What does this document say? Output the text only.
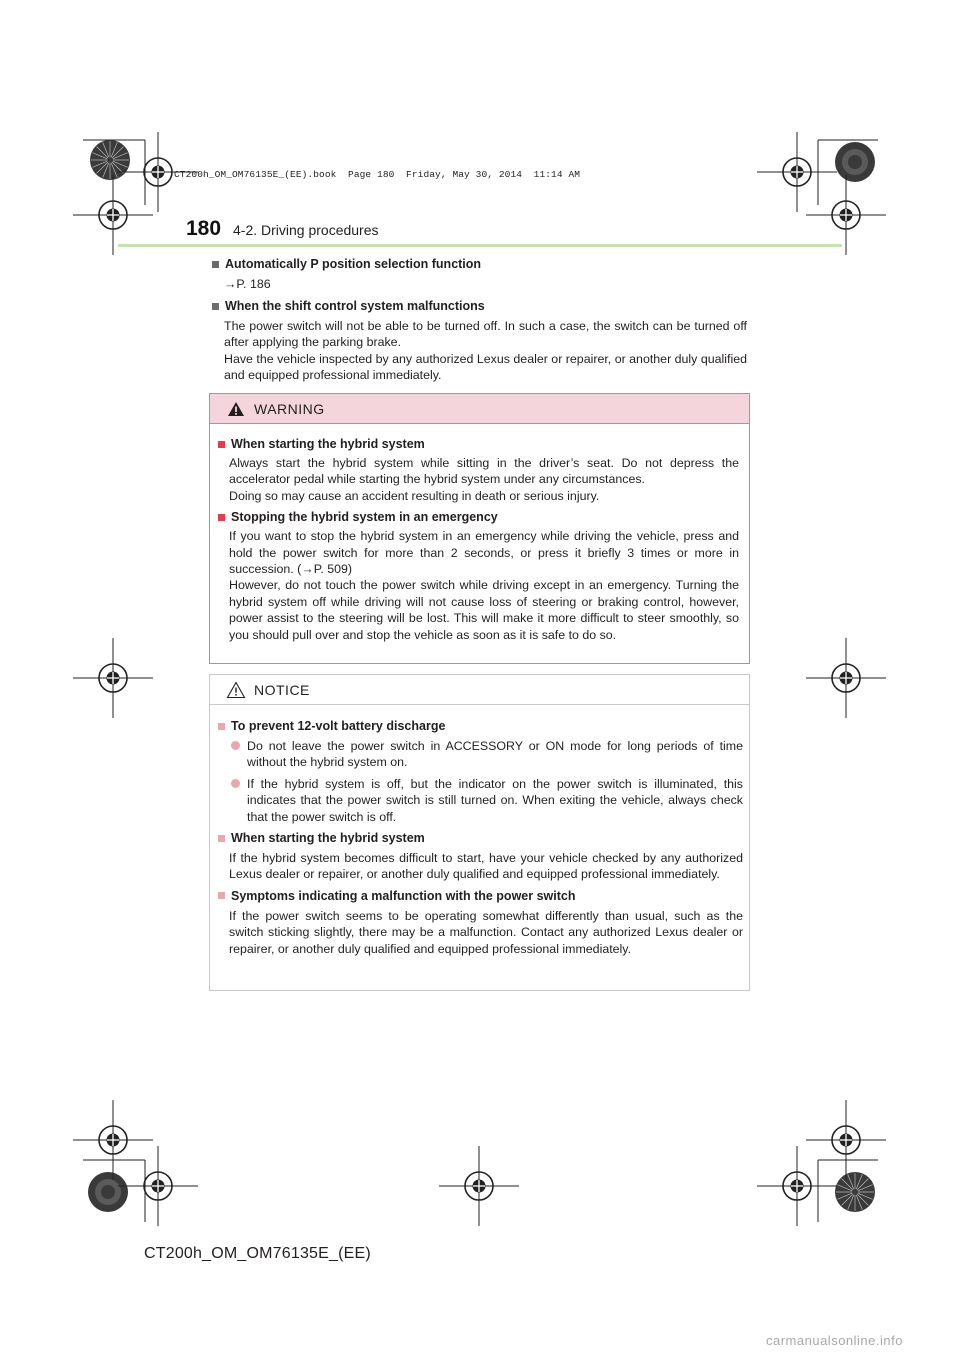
CT200h_OM_OM76135E_(EE).book  Page 180  Friday, May 30, 2014  11:14 AM
180 4-2. Driving procedures
Automatically P position selection function
→P. 186
When the shift control system malfunctions
The power switch will not be able to be turned off. In such a case, the switch can be turned off after applying the parking brake.
Have the vehicle inspected by any authorized Lexus dealer or repairer, or another duly qualified and equipped professional immediately.
WARNING
When starting the hybrid system
Always start the hybrid system while sitting in the driver’s seat. Do not depress the accelerator pedal while starting the hybrid system under any circumstances.
Doing so may cause an accident resulting in death or serious injury.
Stopping the hybrid system in an emergency
If you want to stop the hybrid system in an emergency while driving the vehicle, press and hold the power switch for more than 2 seconds, or press it briefly 3 times or more in succession. (→P. 509)
However, do not touch the power switch while driving except in an emergency. Turning the hybrid system off while driving will not cause loss of steering or braking control, however, power assist to the steering will be lost. This will make it more difficult to steer smoothly, so you should pull over and stop the vehicle as soon as it is safe to do so.
NOTICE
To prevent 12-volt battery discharge
Do not leave the power switch in ACCESSORY or ON mode for long periods of time without the hybrid system on.
If the hybrid system is off, but the indicator on the power switch is illuminated, this indicates that the power switch is still turned on. When exiting the vehicle, always check that the power switch is off.
When starting the hybrid system
If the hybrid system becomes difficult to start, have your vehicle checked by any authorized Lexus dealer or repairer, or another duly qualified and equipped professional immediately.
Symptoms indicating a malfunction with the power switch
If the power switch seems to be operating somewhat differently than usual, such as the switch sticking slightly, there may be a malfunction. Contact any authorized Lexus dealer or repairer, or another duly qualified and equipped professional immediately.
CT200h_OM_OM76135E_(EE)
carmanualsonline.info
